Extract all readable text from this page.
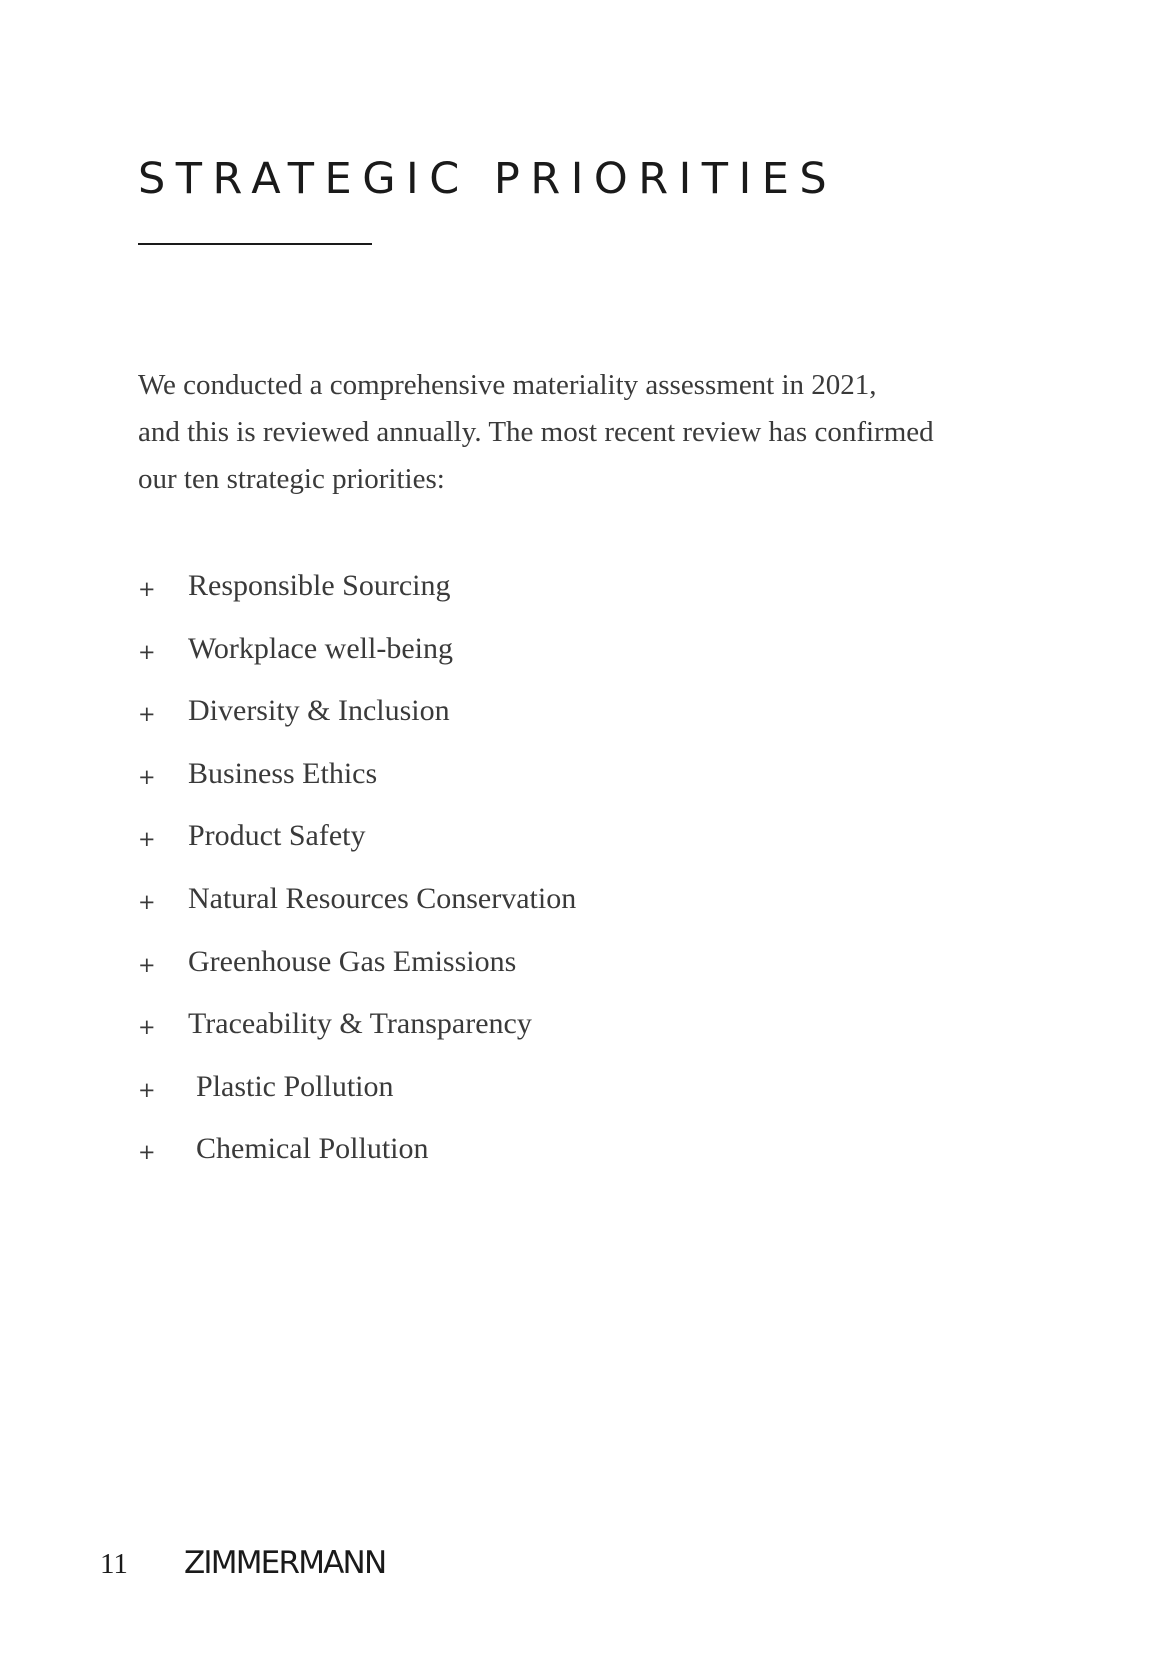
STRATEGIC PRIORITIES

We conducted a comprehensive materiality assessment in 2021,
and this is reviewed annually. The most recent review has confirmed
our ten strategic priorities:

+ Responsible Sourcing
+ Workplace well-being
+ Diversity & Inclusion
+ Business Ethics
+ Product Safety
+ Natural Resources Conservation
+ Greenhouse Gas Emissions
+ Traceability & Transparency
+ Plastic Pollution
+ Chemical Pollution
11 ZIMMERMANN
